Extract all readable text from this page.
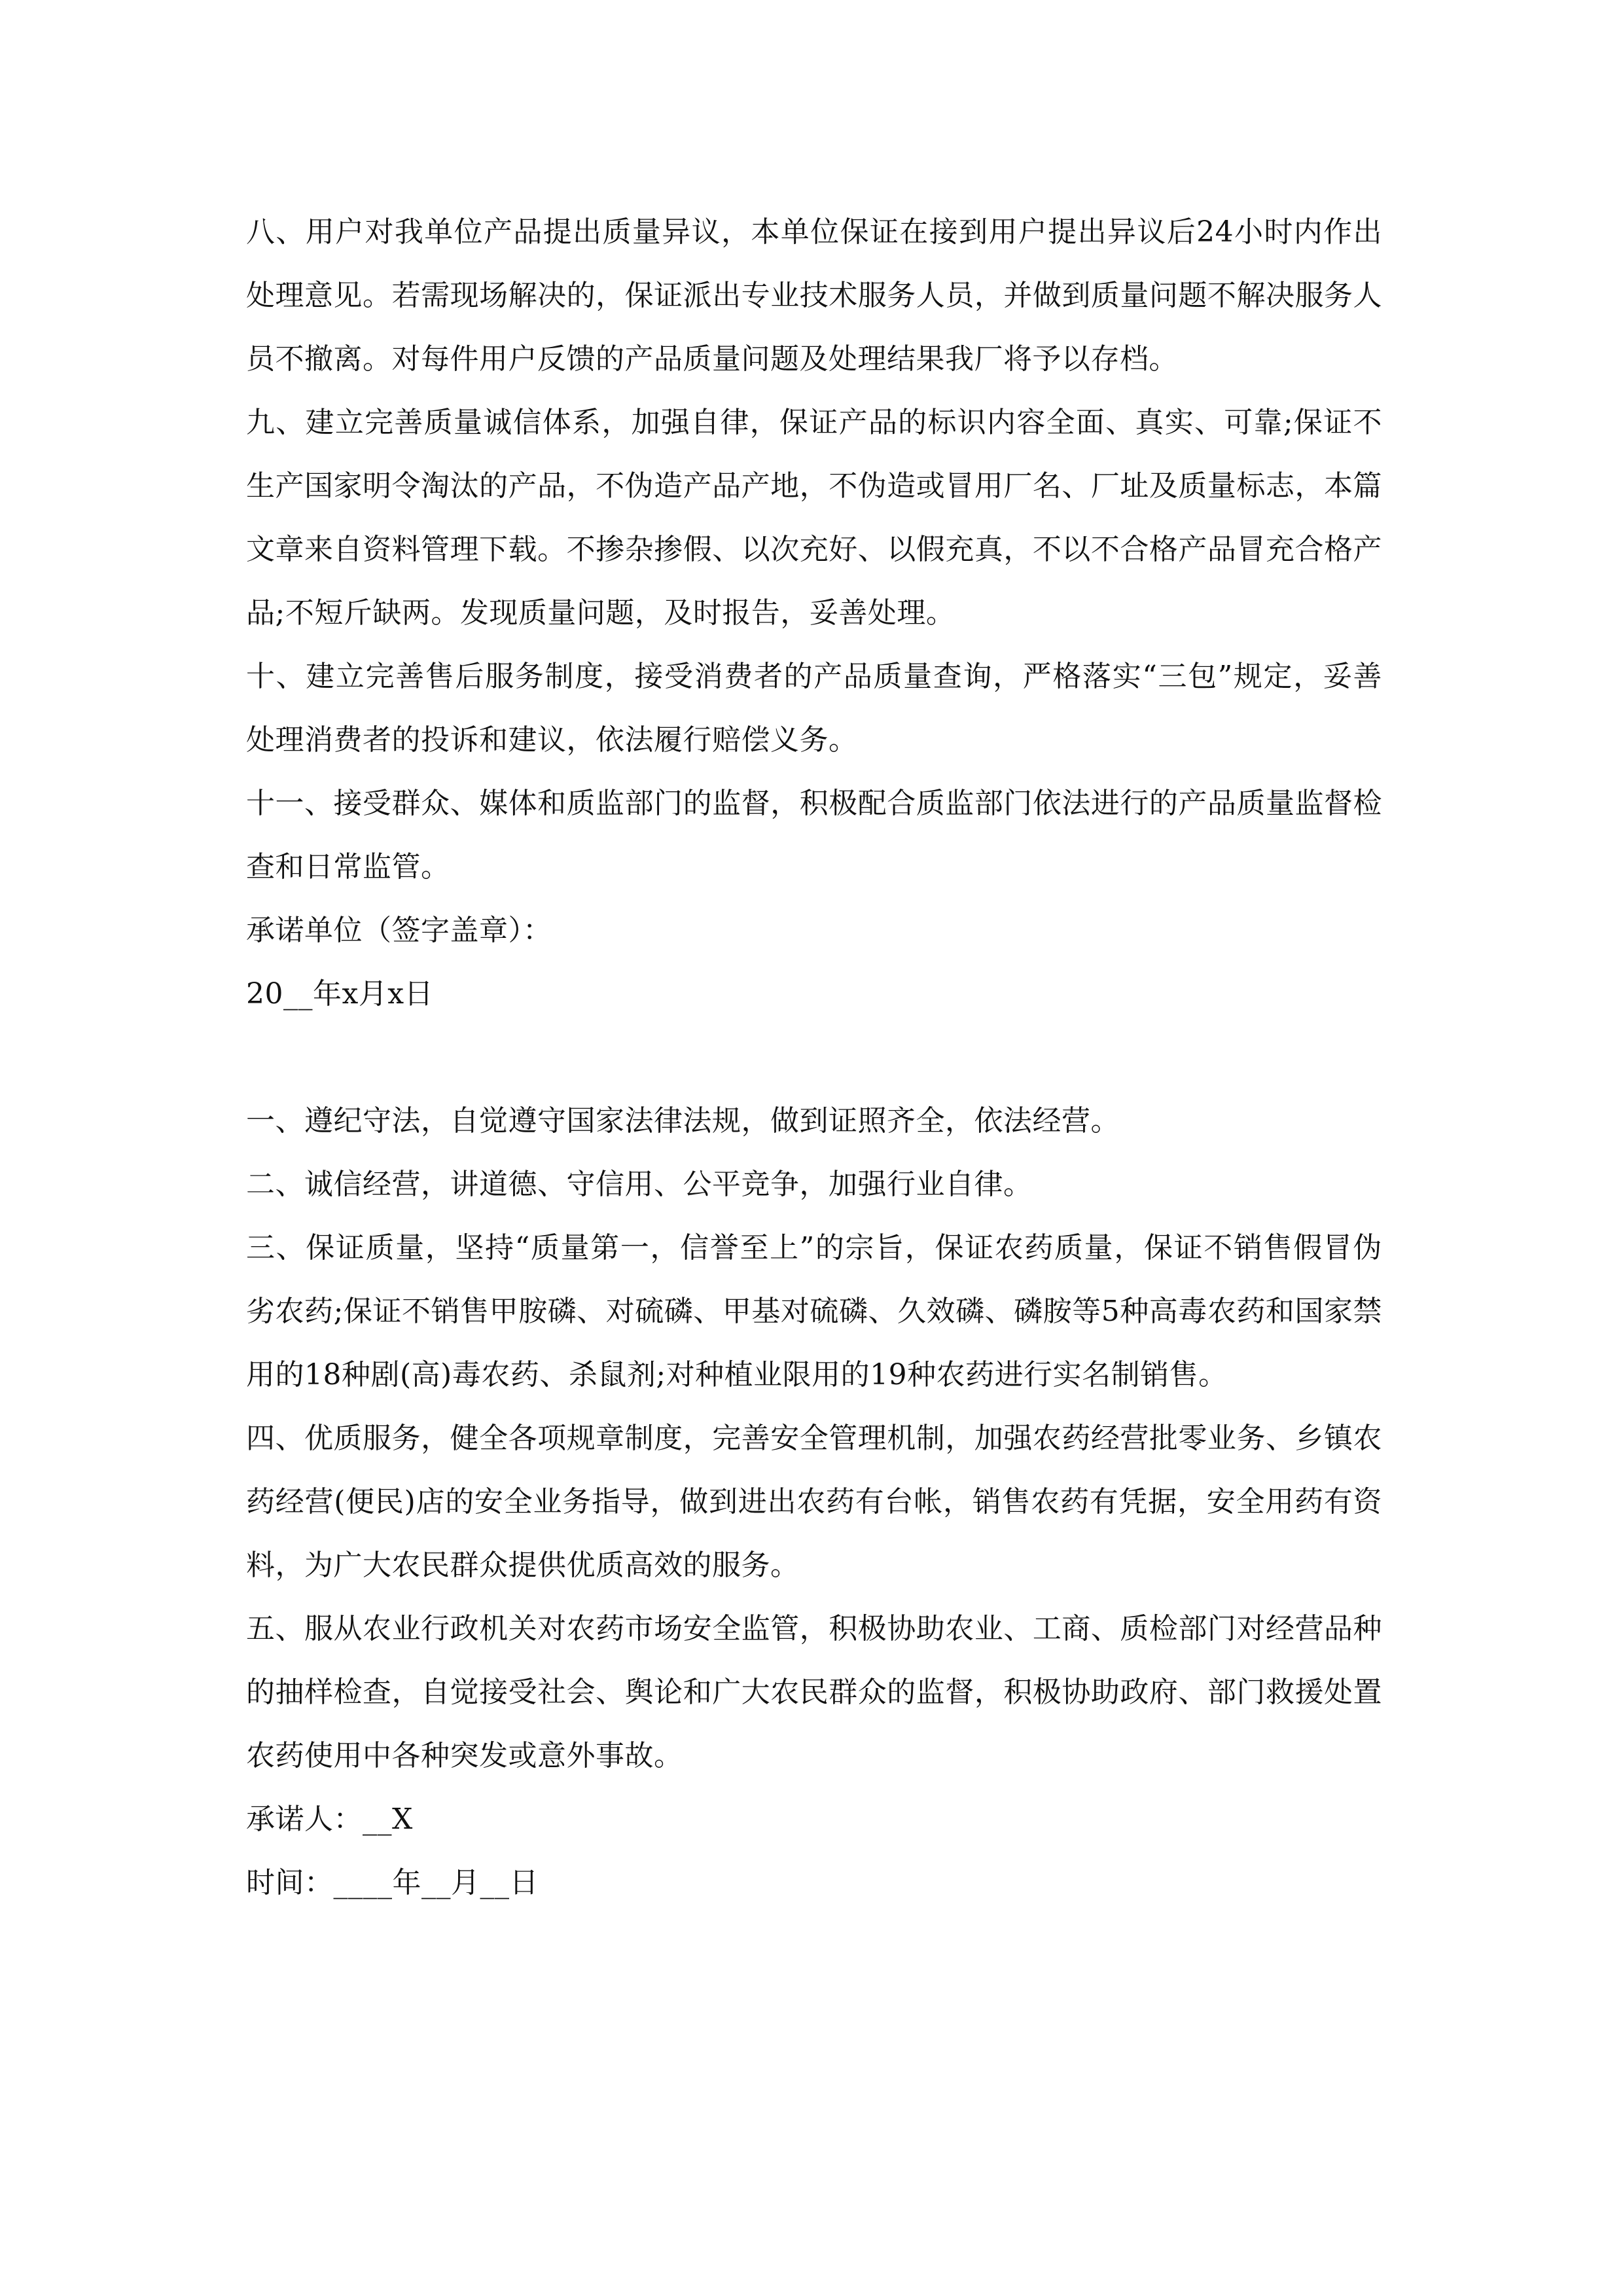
八、用户对我单位产品提出质量异议，本单位保证在接到用户提出异议后24小时内作出处理意见。若需现场解决的，保证派出专业技术服务人员，并做到质量问题不解决服务人员不撤离。对每件用户反馈的产品质量问题及处理结果我厂将予以存档。

九、建立完善质量诚信体系，加强自律，保证产品的标识内容全面、真实、可靠;保证不生产国家明令淘汰的产品，不伪造产品产地，不伪造或冒用厂名、厂址及质量标志，本篇文章来自资料管理下载。不掺杂掺假、以次充好、以假充真，不以不合格产品冒充合格产品;不短斤缺两。发现质量问题，及时报告，妥善处理。

十、建立完善售后服务制度，接受消费者的产品质量查询，严格落实“三包”规定，妥善处理消费者的投诉和建议，依法履行赔偿义务。

十一、接受群众、媒体和质监部门的监督，积极配合质监部门依法进行的产品质量监督检查和日常监管。

承诺单位（签字盖章）：

20__年x月x日

一、遵纪守法，自觉遵守国家法律法规，做到证照齐全，依法经营。

二、诚信经营，讲道德、守信用、公平竞争，加强行业自律。

三、保证质量，坚持“质量第一，信誉至上”的宗旨，保证农药质量，保证不销售假冒伪劣农药;保证不销售甲胺磷、对硫磷、甲基对硫磷、久效磷、磷胺等5种高毒农药和国家禁用的18种剧(高)毒农药、杀鼠剂;对种植业限用的19种农药进行实名制销售。

四、优质服务，健全各项规章制度，完善安全管理机制，加强农药经营批零业务、乡镇农药经营(便民)店的安全业务指导，做到进出农药有台帐，销售农药有凭据，安全用药有资料，为广大农民群众提供优质高效的服务。

五、服从农业行政机关对农药市场安全监管，积极协助农业、工商、质检部门对经营品种的抽样检查，自觉接受社会、舆论和广大农民群众的监督，积极协助政府、部门救援处置农药使用中各种突发或意外事故。

承诺人：__X

时间：____年__月__日
